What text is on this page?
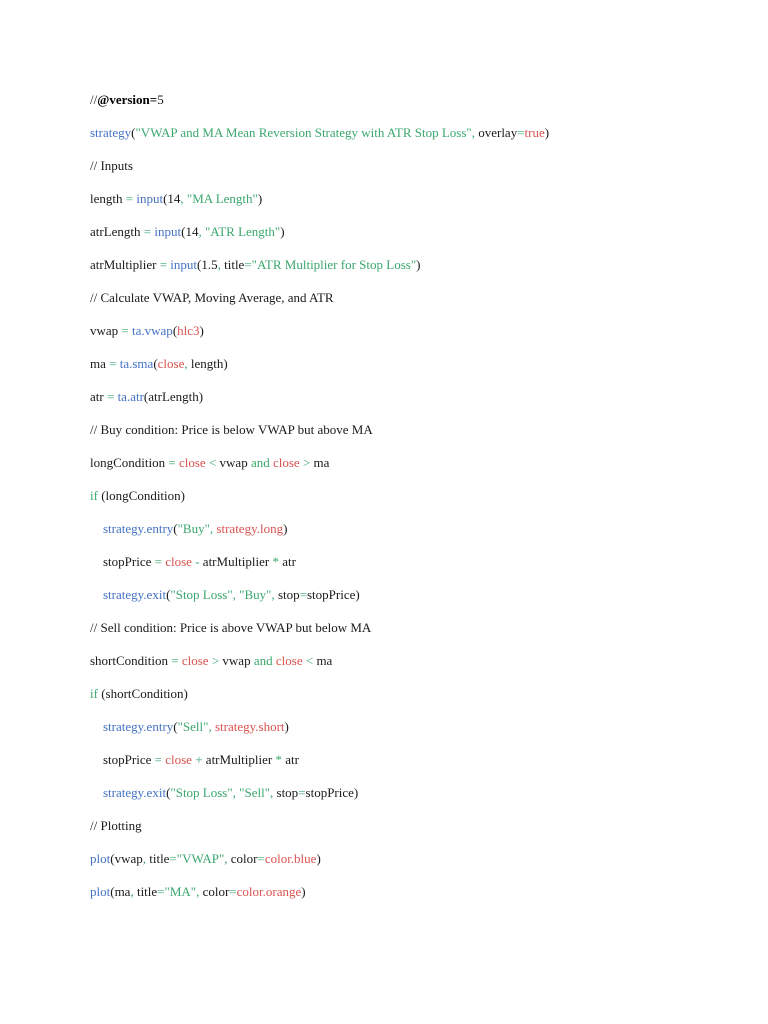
//@version=5
strategy("VWAP and MA Mean Reversion Strategy with ATR Stop Loss", overlay=true)
// Inputs
length = input(14, "MA Length")
atrLength = input(14, "ATR Length")
atrMultiplier = input(1.5, title="ATR Multiplier for Stop Loss")
// Calculate VWAP, Moving Average, and ATR
vwap = ta.vwap(hlc3)
ma = ta.sma(close, length)
atr = ta.atr(atrLength)
// Buy condition: Price is below VWAP but above MA
longCondition = close < vwap and close > ma
if (longCondition)
strategy.entry("Buy", strategy.long)
stopPrice = close - atrMultiplier * atr
strategy.exit("Stop Loss", "Buy", stop=stopPrice)
// Sell condition: Price is above VWAP but below MA
shortCondition = close > vwap and close < ma
if (shortCondition)
strategy.entry("Sell", strategy.short)
stopPrice = close + atrMultiplier * atr
strategy.exit("Stop Loss", "Sell", stop=stopPrice)
// Plotting
plot(vwap, title="VWAP", color=color.blue)
plot(ma, title="MA", color=color.orange)
